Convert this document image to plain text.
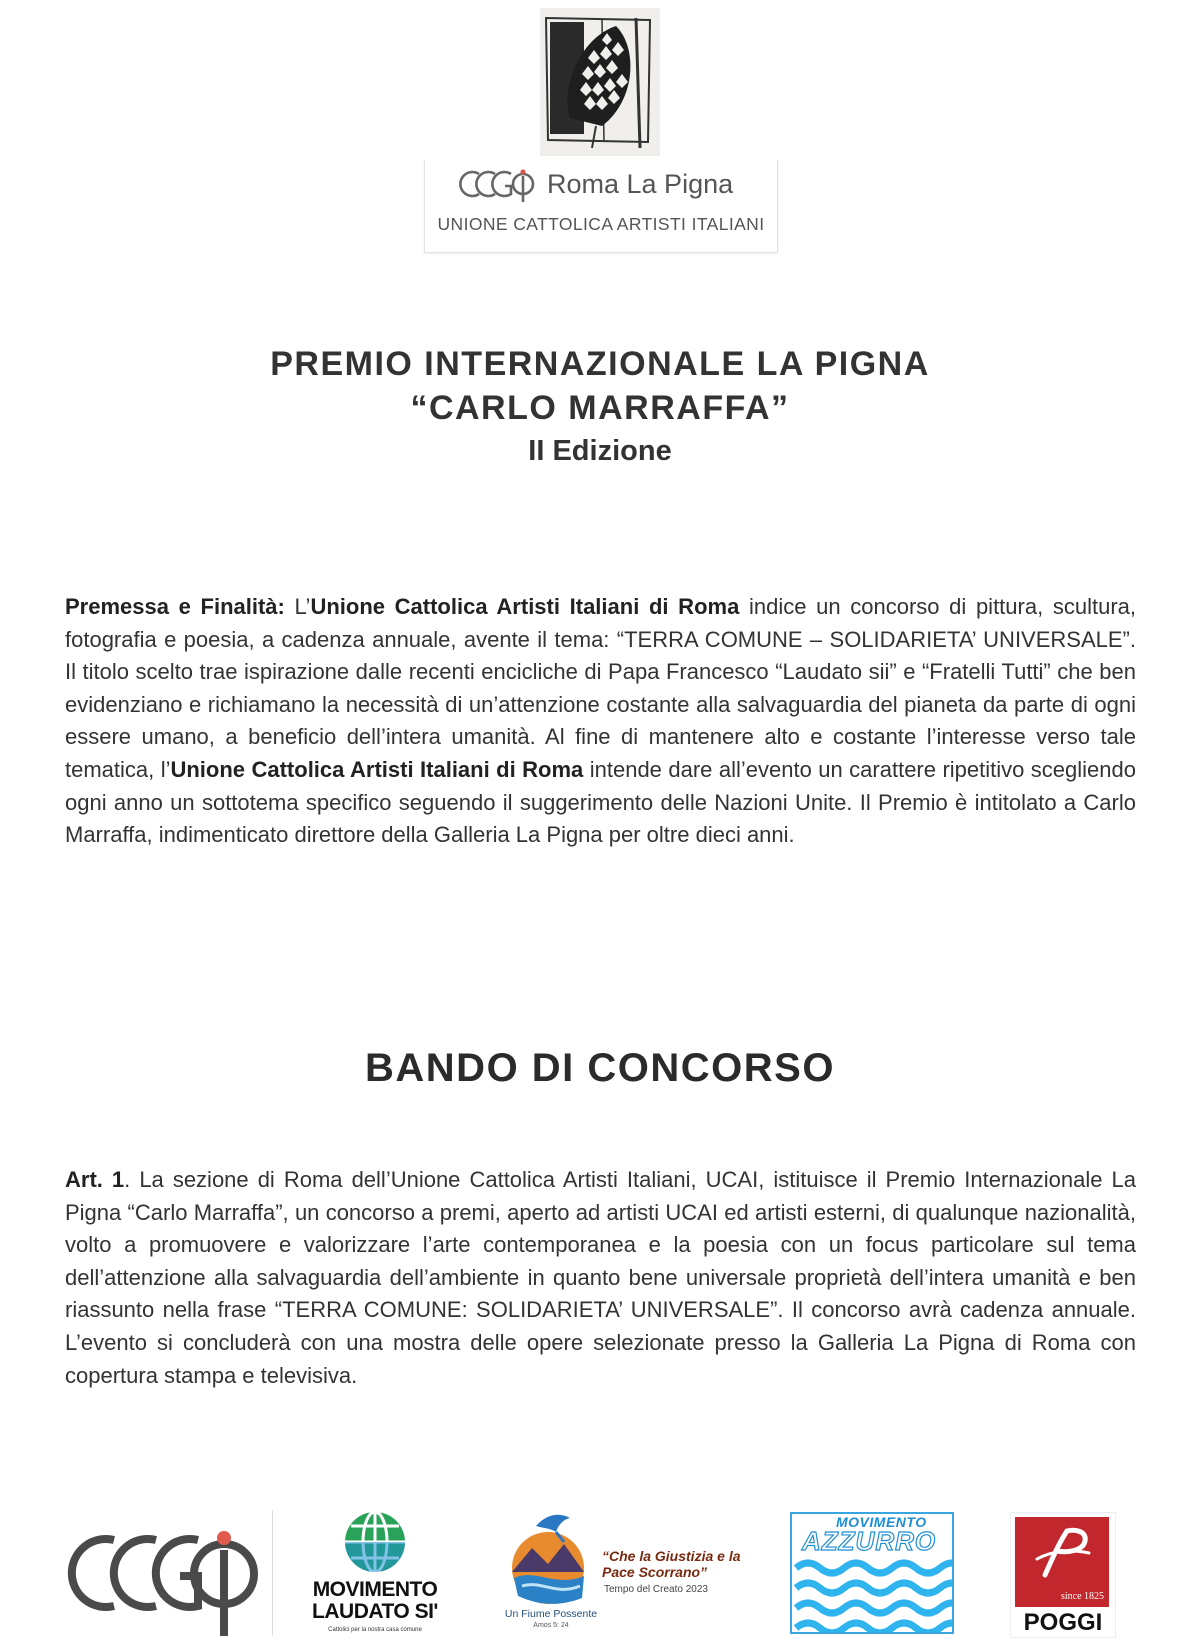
Roma La Pigna
UNIONE CATTOLICA ARTISTI ITALIANI
PREMIO INTERNAZIONALE LA PIGNA
“CARLO MARRAFFA”
II Edizione
Premessa e Finalità: L’Unione Cattolica Artisti Italiani di Roma indice un concorso di pittura, scultura, fotografia e poesia, a cadenza annuale, avente il tema: “TERRA COMUNE – SOLIDARIETA’ UNIVERSALE”. Il titolo scelto trae ispirazione dalle recenti encicliche di Papa Francesco “Laudato sii” e “Fratelli Tutti” che ben evidenziano e richiamano la necessità di un’attenzione costante alla salvaguardia del pianeta da parte di ogni essere umano, a beneficio dell’intera umanità. Al fine di mantenere alto e costante l’interesse verso tale tematica, l’Unione Cattolica Artisti Italiani di Roma intende dare all’evento un carattere ripetitivo scegliendo ogni anno un sottotema specifico seguendo il suggerimento delle Nazioni Unite. Il Premio è intitolato a Carlo Marraffa, indimenticato direttore della Galleria La Pigna per oltre dieci anni.
BANDO DI CONCORSO
Art. 1. La sezione di Roma dell’Unione Cattolica Artisti Italiani, UCAI, istituisce il Premio Internazionale La Pigna “Carlo Marraffa”, un concorso a premi, aperto ad artisti UCAI ed artisti esterni, di qualunque nazionalità, volto a promuovere e valorizzare l’arte contemporanea e la poesia con un focus particolare sul tema dell’attenzione alla salvaguardia dell’ambiente in quanto bene universale proprietà dell’intera umanità e ben riassunto nella frase “TERRA COMUNE: SOLIDARIETA’ UNIVERSALE”. Il concorso avrà cadenza annuale. L’evento si concluderà con una mostra delle opere selezionate presso la Galleria La Pigna di Roma con copertura stampa e televisiva.
MOVIMENTO LAUDATO SI'
Cattolici per la nostra casa comune
“Che la Giustizia e la Pace Scorrano”
Tempo del Creato 2023
Un Fiume Possente
Amos 5: 24
MOVIMENTO
AZZURRO
since 1825
POGGI
